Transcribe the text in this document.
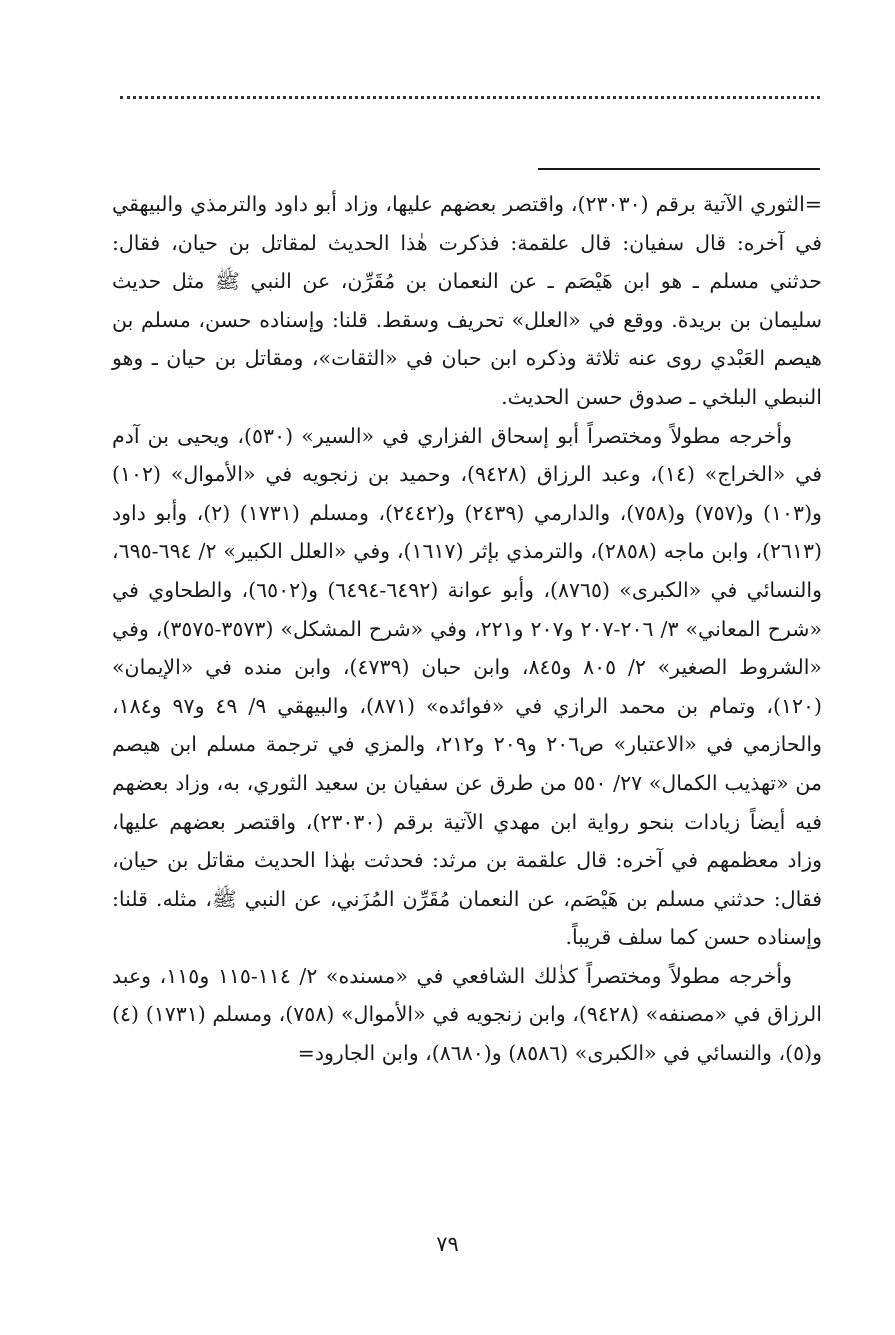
=الثوري الآتية برقم (٢٣٠٣٠)، واقتصر بعضهم عليها، وزاد أبو داود والترمذي والبيهقي في آخره: قال سفيان: قال علقمة: فذكرت هٰذا الحديث لمقاتل بن حيان، فقال: حدثني مسلم ـ هو ابن هَيْصَم ـ عن النعمان بن مُقَرِّن، عن النبي ﷺ مثل حديث سليمان بن بريدة. ووقع في «العلل» تحريف وسقط. قلنا: وإسناده حسن، مسلم بن هيصم العَبْدي روى عنه ثلاثة وذكره ابن حبان في «الثقات»، ومقاتل بن حيان ـ وهو النبطي البلخي ـ صدوق حسن الحديث.

وأخرجه مطولاً ومختصراً أبو إسحاق الفزاري في «السير» (٥٣٠)، ويحيى بن آدم في «الخراج» (١٤)، وعبد الرزاق (٩٤٢٨)، وحميد بن زنجويه في «الأموال» (١٠٢) و(١٠٣) و(٧٥٧) و(٧٥٨)، والدارمي (٢٤٣٩) و(٢٤٤٢)، ومسلم (١٧٣١) (٢)، وأبو داود (٢٦١٣)، وابن ماجه (٢٨٥٨)، والترمذي بإثر (١٦١٧)، وفي «العلل الكبير» ٢/ ٦٩٤-٦٩٥، والنسائي في «الكبرى» (٨٧٦٥)، وأبو عوانة (٦٤٩٢-٦٤٩٤) و(٦٥٠٢)، والطحاوي في «شرح المعاني» ٣/ ٢٠٦-٢٠٧ و٢٠٧ و٢٢١، وفي «شرح المشكل» (٣٥٧٣-٣٥٧٥)، وفي «الشروط الصغير» ٢/ ٨٠٥ و٨٤٥، وابن حبان (٤٧٣٩)، وابن منده في «الإيمان» (١٢٠)، وتمام بن محمد الرازي في «فوائده» (٨٧١)، والبيهقي ٩/ ٤٩ و٩٧ و١٨٤، والحازمي في «الاعتبار» ص٢٠٦ و٢٠٩ و٢١٢، والمزي في ترجمة مسلم ابن هيصم من «تهذيب الكمال» ٢٧/ ٥٥٠ من طرق عن سفيان بن سعيد الثوري، به، وزاد بعضهم فيه أيضاً زيادات بنحو رواية ابن مهدي الآتية برقم (٢٣٠٣٠)، واقتصر بعضهم عليها، وزاد معظمهم في آخره: قال علقمة بن مرثد: فحدثت بهٰذا الحديث مقاتل بن حيان، فقال: حدثني مسلم بن هَيْصَم، عن النعمان مُقَرِّن المُزَني، عن النبي ﷺ، مثله. قلنا: وإسناده حسن كما سلف قريباً.

وأخرجه مطولاً ومختصراً كذٰلك الشافعي في «مسنده» ٢/ ١١٤-١١٥ و١١٥، وعبد الرزاق في «مصنفه» (٩٤٢٨)، وابن زنجويه في «الأموال» (٧٥٨)، ومسلم (١٧٣١) (٤) و(٥)، والنسائي في «الكبرى» (٨٥٨٦) و(٨٦٨٠)، وابن الجارود=

٧٩
